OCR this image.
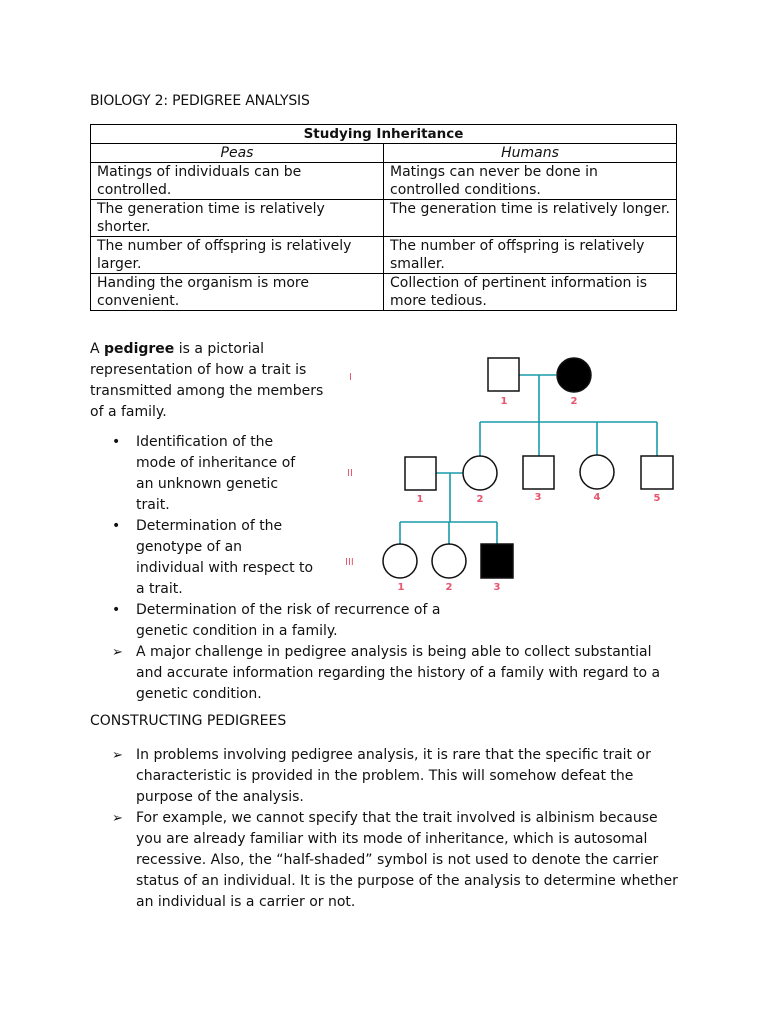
BIOLOGY 2: PEDIGREE ANALYSIS
Studying Inheritance	
Peas	Humans
Matings of individuals can be controlled.	Matings can never be done in controlled conditions.
The generation time is relatively shorter.	The generation time is relatively longer.
The number of offspring is relatively larger.	The number of offspring is relatively smaller.
Handing the organism is more convenient.	Collection of pertinent information is more tedious.

A pedigree is a pictorial representation of how a trait is transmitted among the members of a family.

• Identification of the mode of inheritance of an unknown genetic trait.
• Determination of the genotype of an individual with respect to a trait.
• Determination of the risk of recurrence of a genetic condition in a family.
➢ A major challenge in pedigree analysis is being able to collect substantial and accurate information regarding the history of a family with regard to a genetic condition.
I
II
III
1	2
1	2	3	4	5
1	2	3
CONSTRUCTING PEDIGREES
➢ In problems involving pedigree analysis, it is rare that the specific trait or characteristic is provided in the problem. This will somehow defeat the purpose of the analysis.
➢ For example, we cannot specify that the trait involved is albinism because you are already familiar with its mode of inheritance, which is autosomal recessive. Also, the “half-shaded” symbol is not used to denote the carrier status of an individual. It is the purpose of the analysis to determine whether an individual is a carrier or not.
